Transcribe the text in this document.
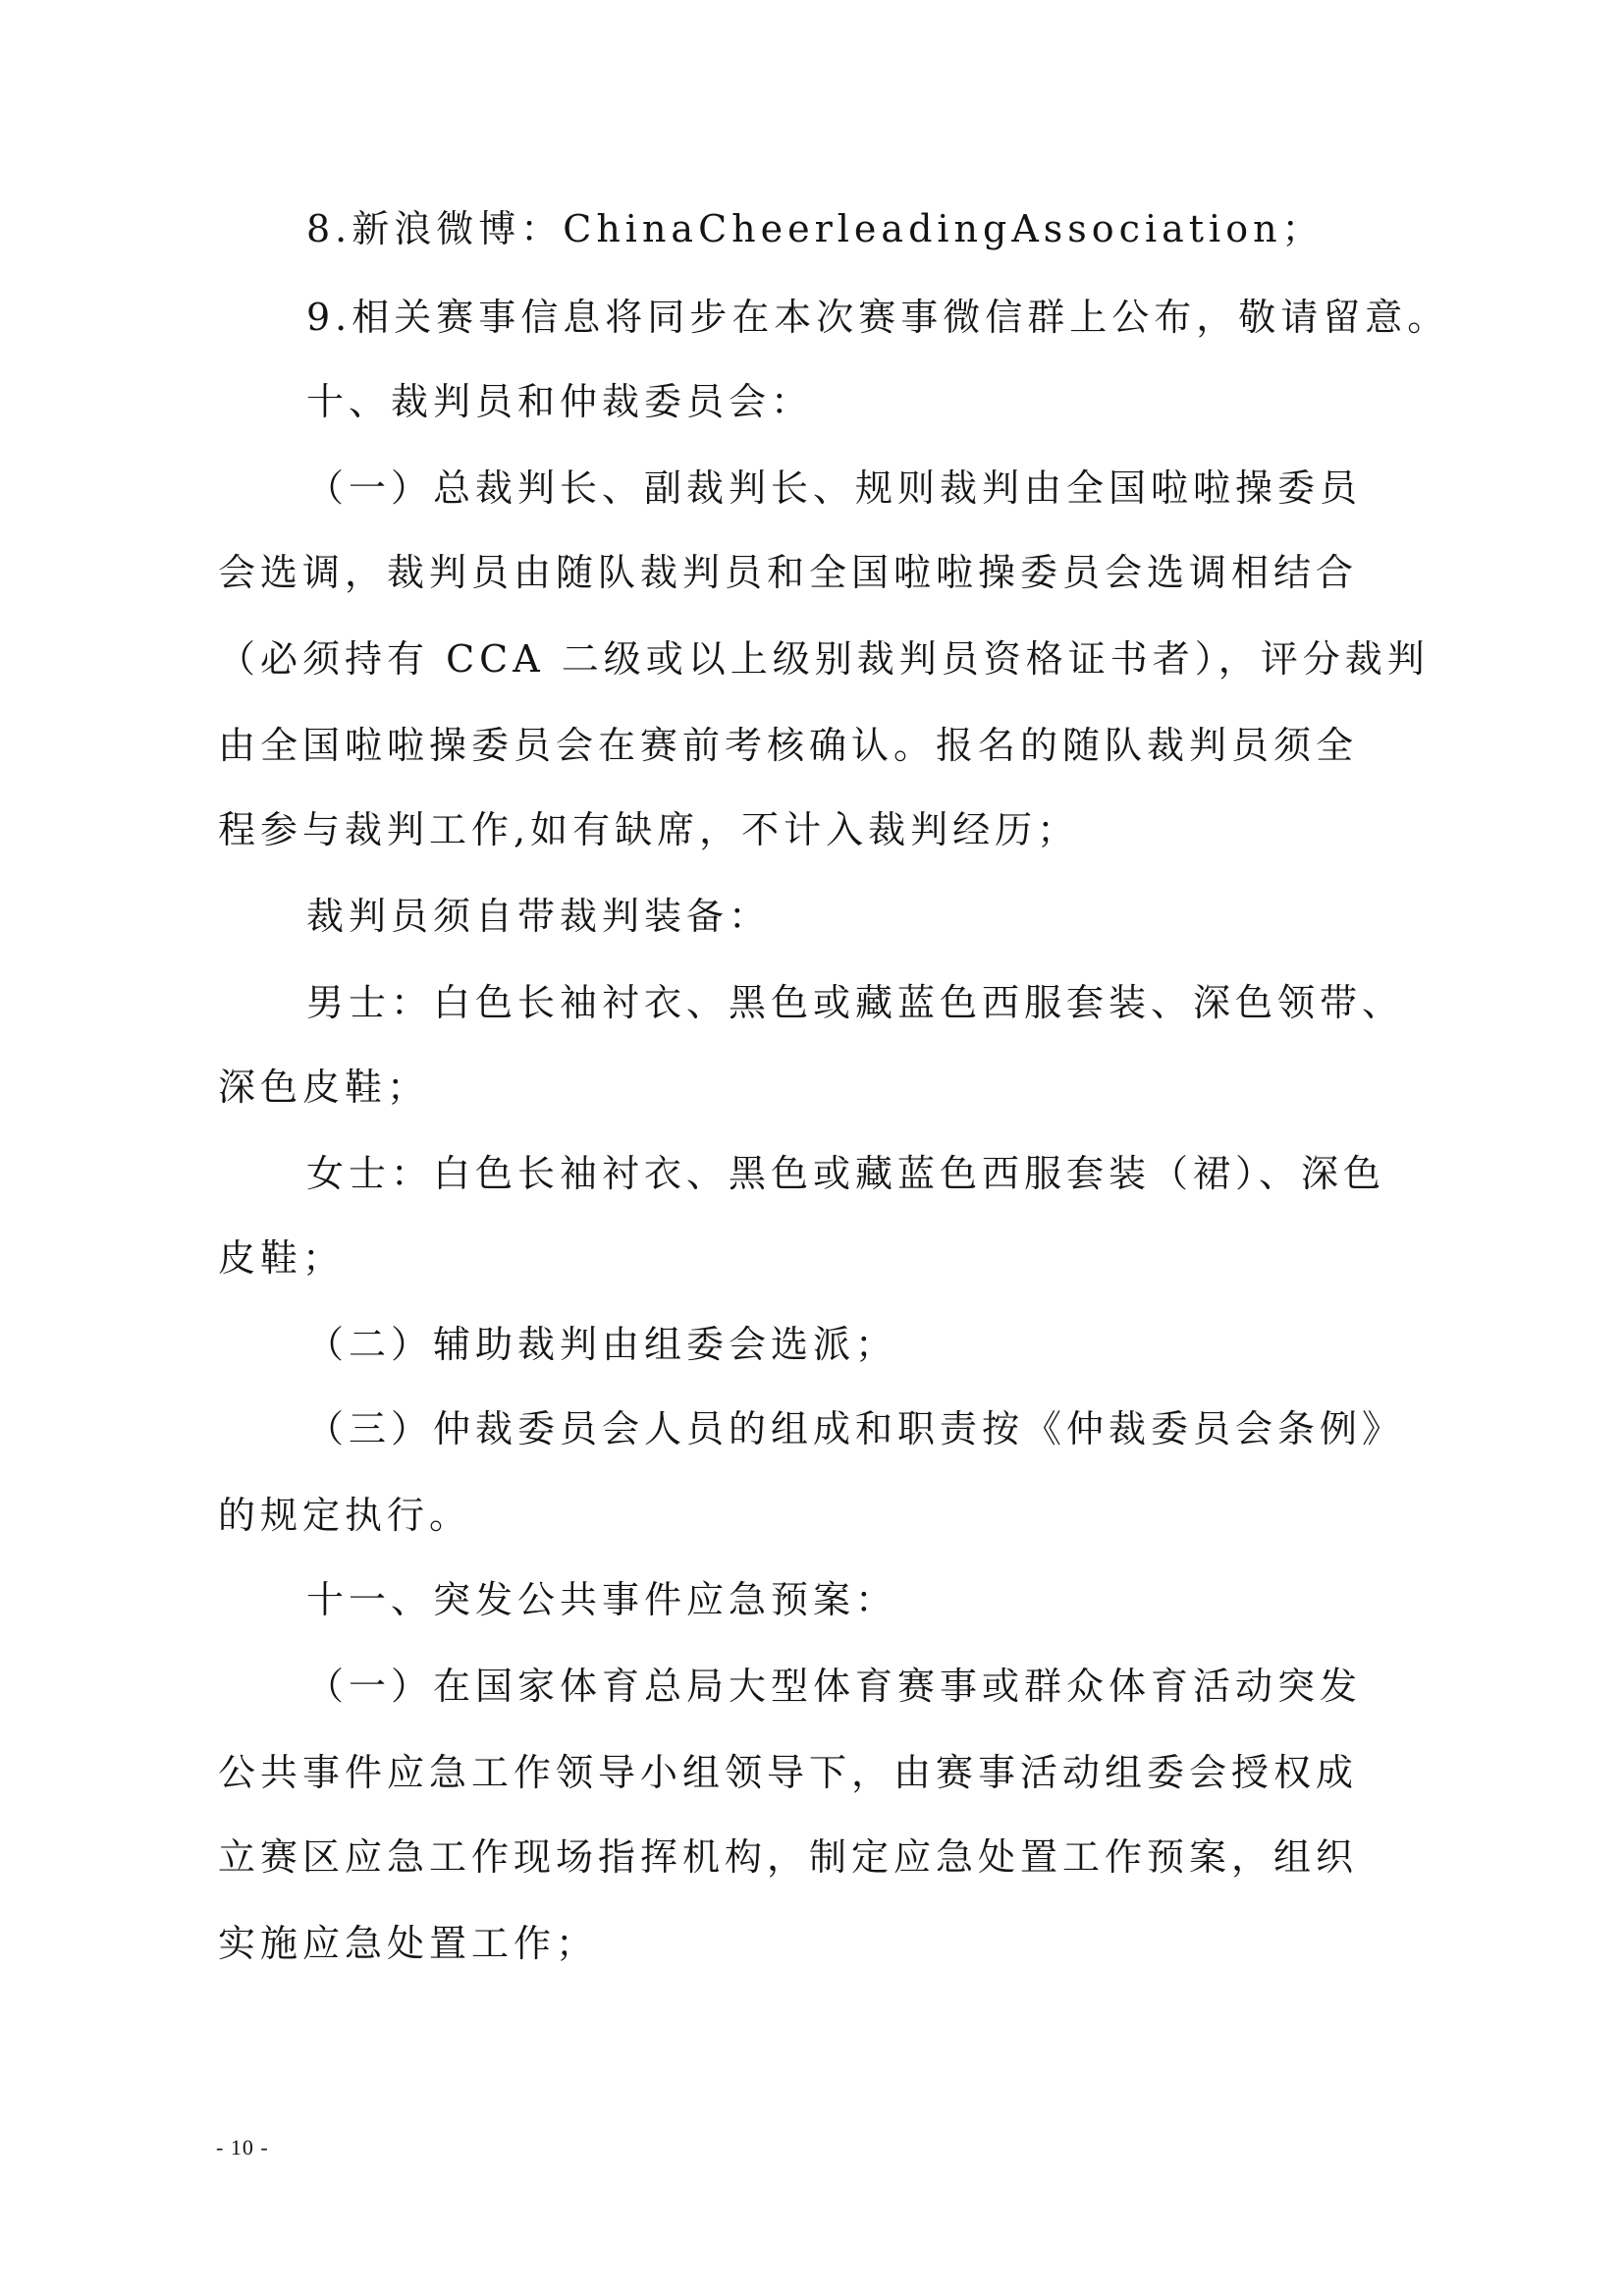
8.新浪微博：ChinaCheerleadingAssociation；
9.相关赛事信息将同步在本次赛事微信群上公布，敬请留意。
十、裁判员和仲裁委员会：
（一）总裁判长、副裁判长、规则裁判由全国啦啦操委员
会选调，裁判员由随队裁判员和全国啦啦操委员会选调相结合
（必须持有 CCA 二级或以上级别裁判员资格证书者），评分裁判
由全国啦啦操委员会在赛前考核确认。报名的随队裁判员须全
程参与裁判工作,如有缺席，不计入裁判经历；
裁判员须自带裁判装备：
男士：白色长袖衬衣、黑色或藏蓝色西服套装、深色领带、
深色皮鞋；
女士：白色长袖衬衣、黑色或藏蓝色西服套装（裙）、深色
皮鞋；
（二）辅助裁判由组委会选派；
（三）仲裁委员会人员的组成和职责按《仲裁委员会条例》
的规定执行。
十一、突发公共事件应急预案：
（一）在国家体育总局大型体育赛事或群众体育活动突发
公共事件应急工作领导小组领导下，由赛事活动组委会授权成
立赛区应急工作现场指挥机构，制定应急处置工作预案，组织
实施应急处置工作；
- 10 -
